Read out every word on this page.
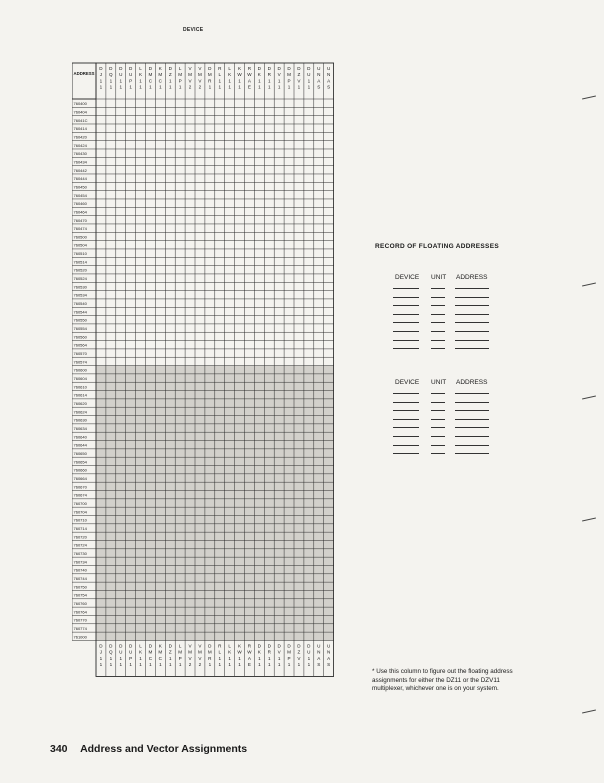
DEVICE
760400
760404
76041C
760414
760420
760424
760430
760434
760442
760444
760450
760454
760460
760464
760470
760474
760500
760504
760510
760514
760520
760524
760530
760534
760540
760544
760550
760554
760560
760564
760570
760574
760600
760604
760610
760614
760620
760624
760630
760634
760640
760644
760650
760654
760660
760664
760670
760674
760700
760704
760710
760714
760720
760724
760730
760734
760740
760744
760750
760754
760760
760764
760770
760774
761000
ADDRESS
D
J
1
1
D
Q
1
1
D
U
1
1
D
U
P
1
L
K
1
1
D
M
C
1
K
M
C
1
D
Z
1
1
L
M
P
1
V
M
V
2
V
M
V
2
D
M
R
1
R
L
1
1
L
K
1
1
K
W
1
1
R
W
A
E
D
K
1
1
D
R
1
1
D
V
1
1
D
M
P
1
D
Z
V
1
D
U
1
1
U
N
A
S
U
N
A
S
D
J
1
1
D
Q
1
1
D
U
1
1
D
U
P
1
L
K
1
1
D
M
C
1
K
M
C
1
D
Z
1
1
L
M
P
1
V
M
V
2
V
M
V
2
D
M
R
1
R
L
1
1
L
K
1
1
K
W
1
1
R
W
A
E
D
K
1
1
D
R
1
1
D
V
1
1
D
M
P
1
D
Z
V
1
D
U
1
1
U
N
A
S
U
N
A
S
RECORD OF FLOATING ADDRESSES
DEVICE UNIT ADDRESS
DEVICE UNIT ADDRESS
* Use this column to figure out the floating address assignments for either the DZ11 or the DZV11 multiplexer, whichever one is on your system.
340 Address and Vector Assignments
